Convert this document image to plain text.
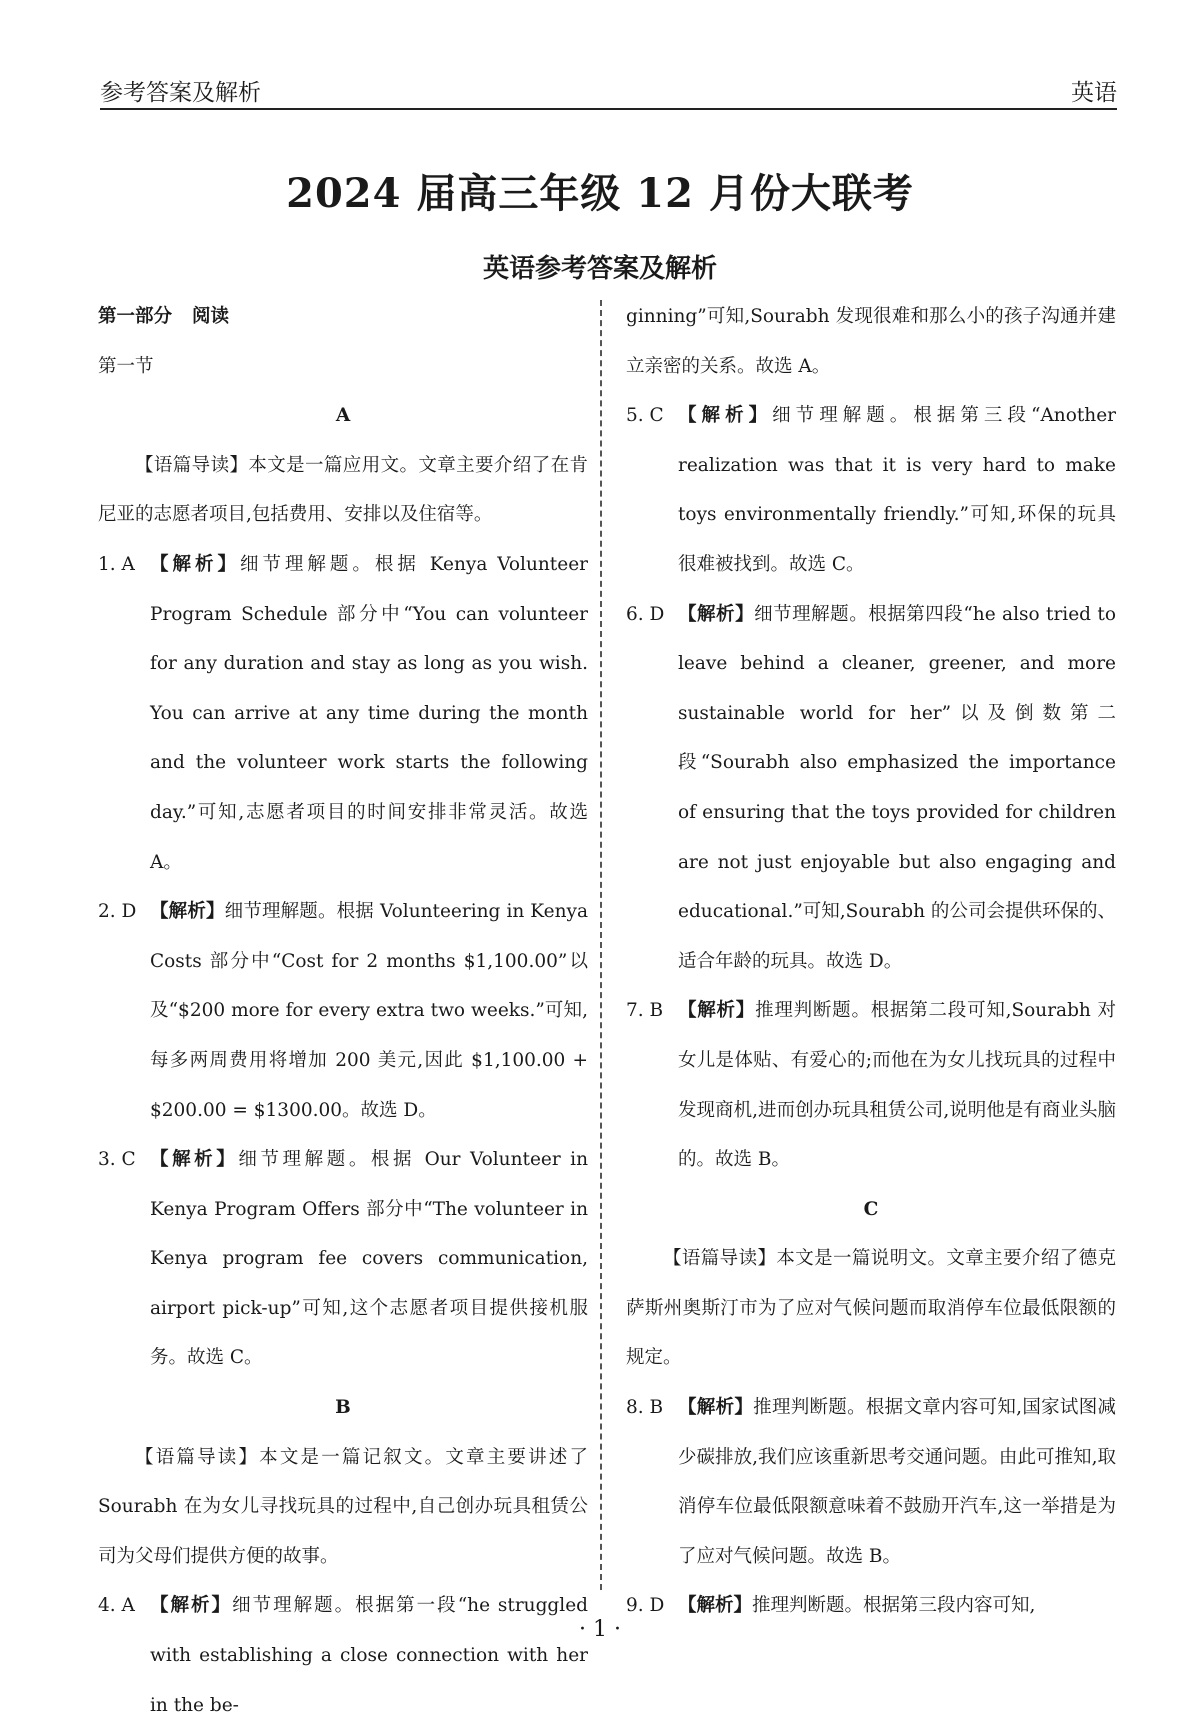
参考答案及解析	英语
2024 届高三年级 12 月份大联考
英语参考答案及解析

第一部分 阅读

第一节

A

【语篇导读】本文是一篇应用文。文章主要介绍了在肯尼亚的志愿者项目,包括费用、安排以及住宿等。

1. A 【解析】细节理解题。根据 Kenya Volunteer Program Schedule 部分中“You can volunteer for any duration and stay as long as you wish. You can arrive at any time during the month and the volunteer work starts the following day.”可知,志愿者项目的时间安排非常灵活。故选 A。
2. D 【解析】细节理解题。根据 Volunteering in Kenya Costs 部分中“Cost for 2 months $1,100.00”以及“$200 more for every extra two weeks.”可知,每多两周费用将增加 200 美元,因此 $1,100.00 + $200.00 = $1300.00。故选 D。
3. C 【解析】细节理解题。根据 Our Volunteer in Kenya Program Offers 部分中“The volunteer in Kenya program fee covers communication, airport pick-up”可知,这个志愿者项目提供接机服务。故选 C。

B

【语篇导读】本文是一篇记叙文。文章主要讲述了 Sourabh 在为女儿寻找玩具的过程中,自己创办玩具租赁公司为父母们提供方便的故事。

4. A 【解析】细节理解题。根据第一段“he struggled with establishing a close connection with her in the be-

ginning”可知,Sourabh 发现很难和那么小的孩子沟通并建立亲密的关系。故选 A。

5. C 【解析】细节理解题。根据第三段“Another realization was that it is very hard to make toys environmentally friendly.”可知,环保的玩具很难被找到。故选 C。
6. D 【解析】细节理解题。根据第四段“he also tried to leave behind a cleaner, greener, and more sustainable world for her”以及倒数第二段“Sourabh also emphasized the importance of ensuring that the toys provided for children are not just enjoyable but also engaging and educational.”可知,Sourabh 的公司会提供环保的、适合年龄的玩具。故选 D。
7. B 【解析】推理判断题。根据第二段可知,Sourabh 对女儿是体贴、有爱心的;而他在为女儿找玩具的过程中发现商机,进而创办玩具租赁公司,说明他是有商业头脑的。故选 B。

C

【语篇导读】本文是一篇说明文。文章主要介绍了德克萨斯州奥斯汀市为了应对气候问题而取消停车位最低限额的规定。

8. B 【解析】推理判断题。根据文章内容可知,国家试图减少碳排放,我们应该重新思考交通问题。由此可推知,取消停车位最低限额意味着不鼓励开汽车,这一举措是为了应对气候问题。故选 B。
9. D 【解析】推理判断题。根据第三段内容可知,
· 1 ·
